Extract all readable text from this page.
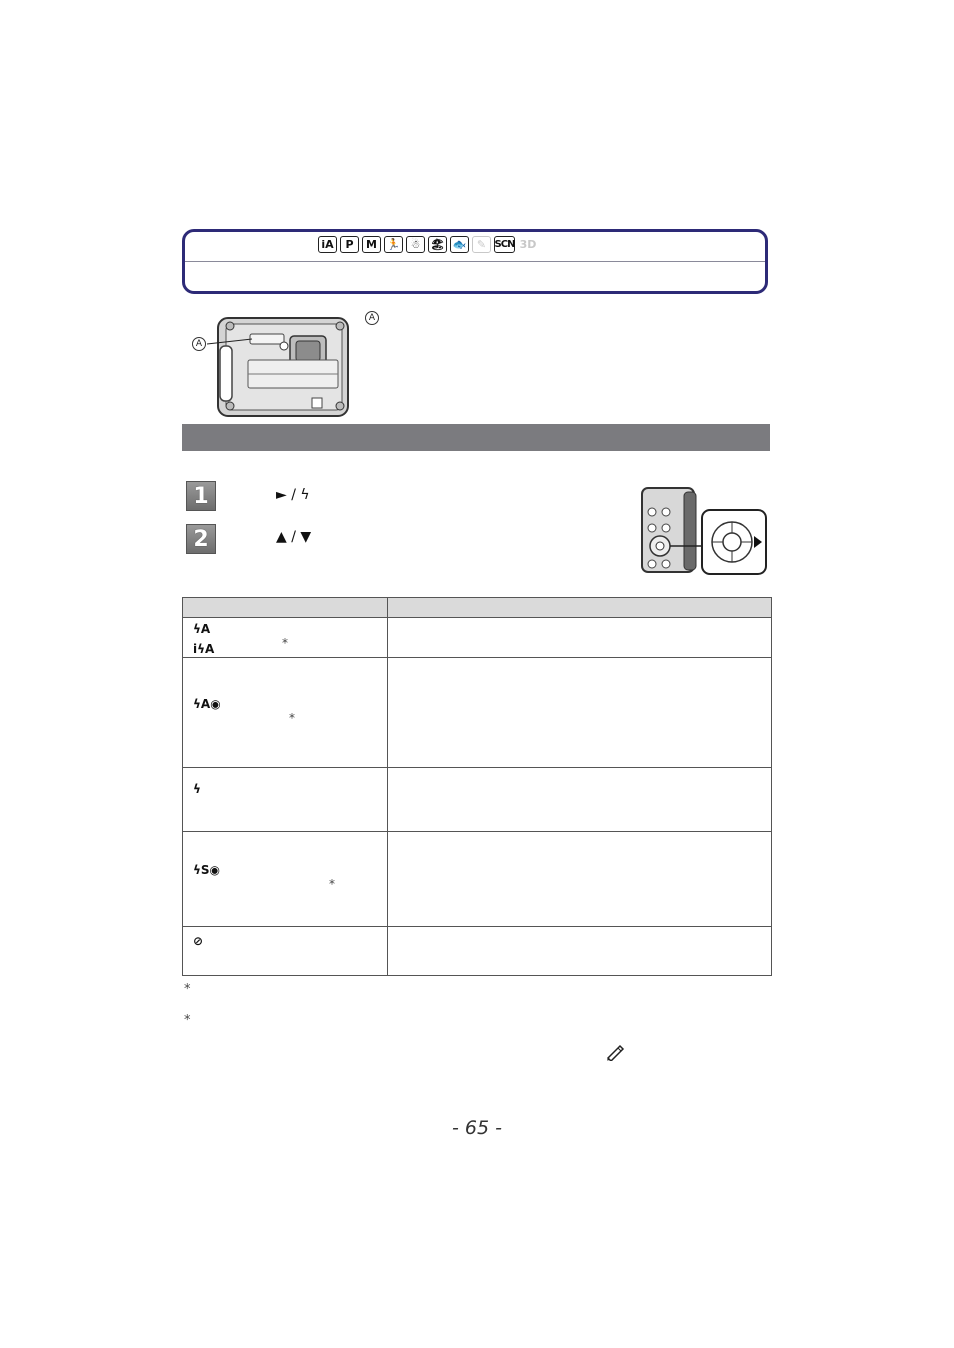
iA	P	M 🏃 ☃ 🏖 🐟 ✎ SCN 3D
A
A
1	► / ϟ
2	▲ / ▼

ϟA
iϟA *	

ϟA◉
*	

ϟ	

ϟS◉
*	

⊘	

*
*
- 65 -
